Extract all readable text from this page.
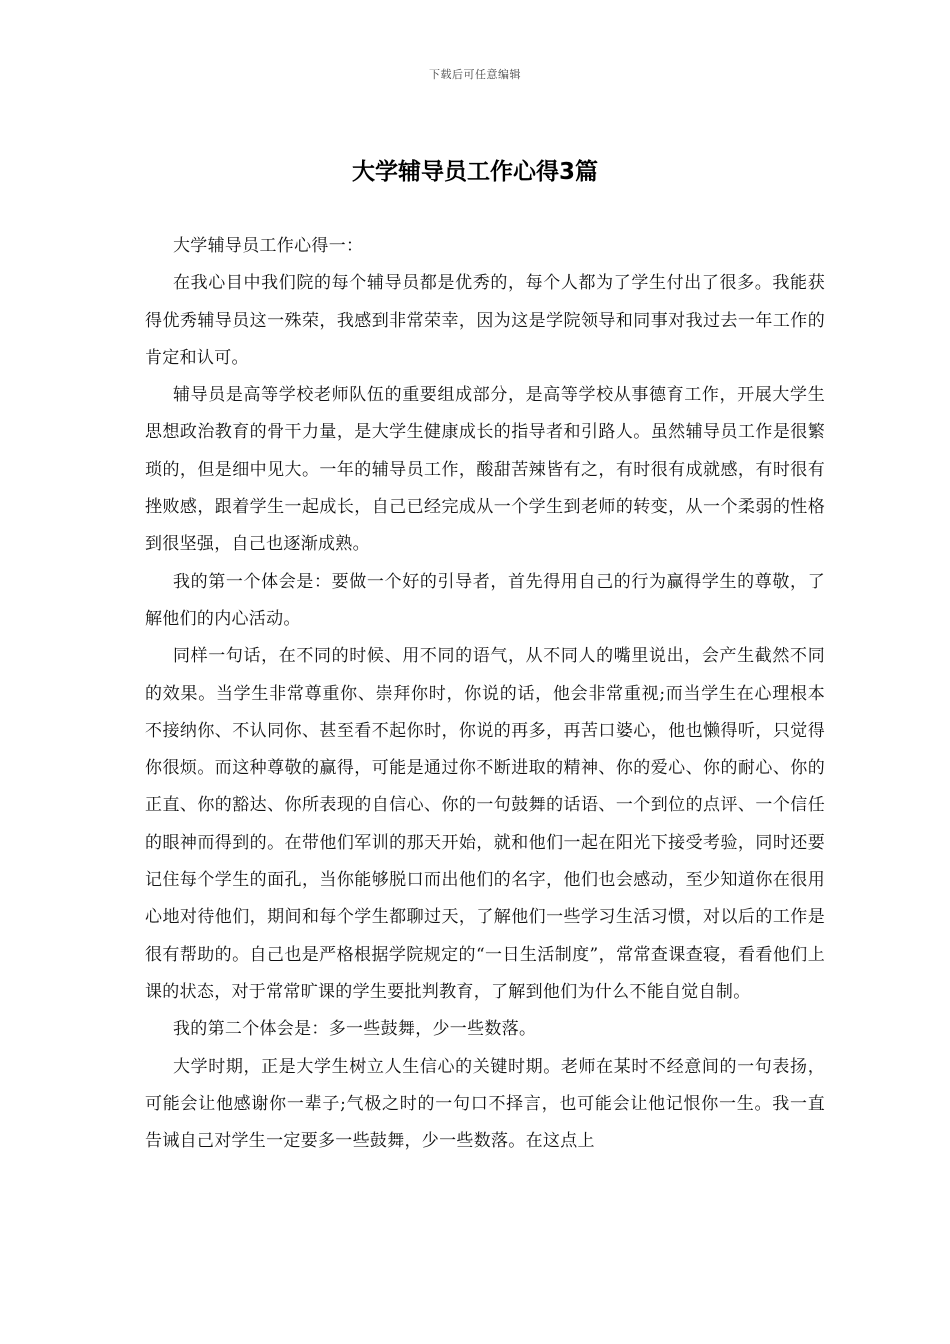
下载后可任意编辑
大学辅导员工作心得3篇

大学辅导员工作心得一：

在我心目中我们院的每个辅导员都是优秀的，每个人都为了学生付出了很多。我能获得优秀辅导员这一殊荣，我感到非常荣幸，因为这是学院领导和同事对我过去一年工作的肯定和认可。

辅导员是高等学校老师队伍的重要组成部分，是高等学校从事德育工作，开展大学生思想政治教育的骨干力量，是大学生健康成长的指导者和引路人。虽然辅导员工作是很繁琐的，但是细中见大。一年的辅导员工作，酸甜苦辣皆有之，有时很有成就感，有时很有挫败感，跟着学生一起成长，自己已经完成从一个学生到老师的转变，从一个柔弱的性格到很坚强，自己也逐渐成熟。

我的第一个体会是：要做一个好的引导者，首先得用自己的行为赢得学生的尊敬，了解他们的内心活动。

同样一句话，在不同的时候、用不同的语气，从不同人的嘴里说出，会产生截然不同的效果。当学生非常尊重你、崇拜你时，你说的话，他会非常重视;而当学生在心理根本不接纳你、不认同你、甚至看不起你时，你说的再多，再苦口婆心，他也懒得听，只觉得你很烦。而这种尊敬的赢得，可能是通过你不断进取的精神、你的爱心、你的耐心、你的正直、你的豁达、你所表现的自信心、你的一句鼓舞的话语、一个到位的点评、一个信任的眼神而得到的。在带他们军训的那天开始，就和他们一起在阳光下接受考验，同时还要记住每个学生的面孔，当你能够脱口而出他们的名字，他们也会感动，至少知道你在很用心地对待他们，期间和每个学生都聊过天，了解他们一些学习生活习惯，对以后的工作是很有帮助的。自己也是严格根据学院规定的“一日生活制度”，常常查课查寝，看看他们上课的状态，对于常常旷课的学生要批判教育，了解到他们为什么不能自觉自制。

我的第二个体会是：多一些鼓舞，少一些数落。

大学时期，正是大学生树立人生信心的关键时期。老师在某时不经意间的一句表扬，可能会让他感谢你一辈子;气极之时的一句口不择言，也可能会让他记恨你一生。我一直告诫自己对学生一定要多一些鼓舞，少一些数落。在这点上
